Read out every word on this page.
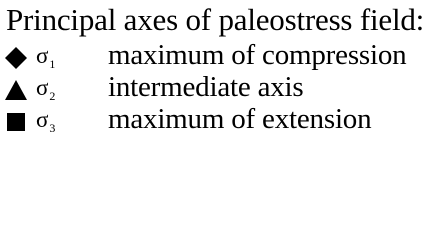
Principal axes of paleostress field:
$\sigma_1$ maximum of compression
$\sigma_2$ intermediate axis
$\sigma_3$ maximum of extension
